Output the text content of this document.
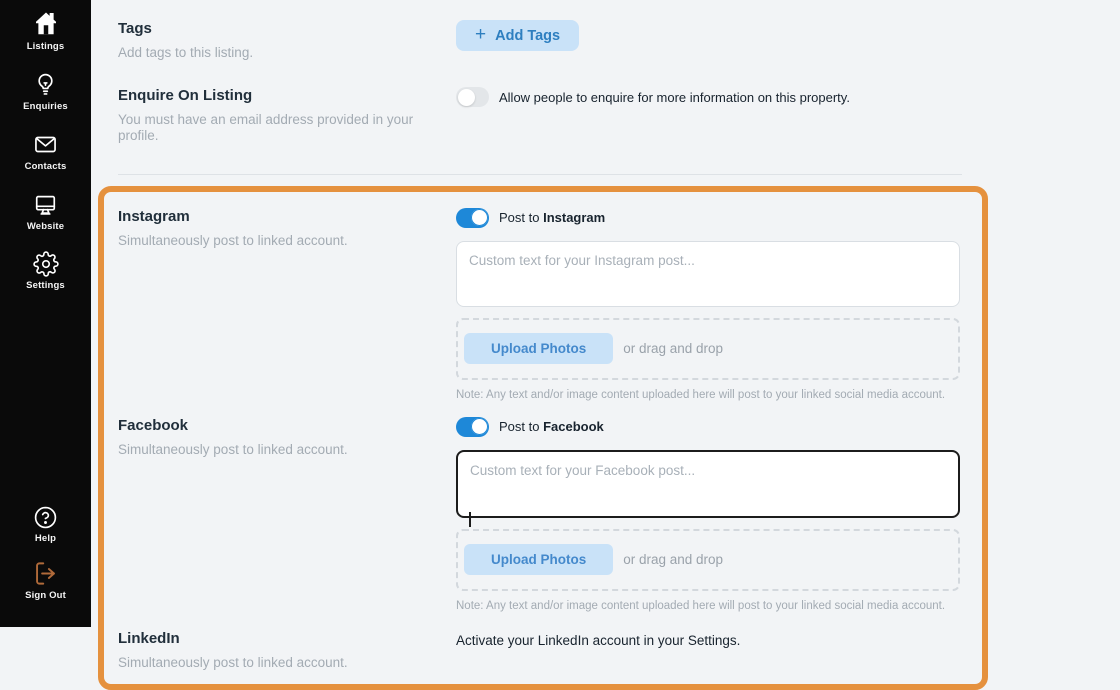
Listings
Enquiries
Contacts
Website
Settings
Help
Sign Out
Tags
Add tags to this listing.
+ Add Tags
Enquire On Listing
You must have an email address provided in your profile.
Allow people to enquire for more information on this property.
Instagram
Simultaneously post to linked account.
Post to Instagram
Custom text for your Instagram post...
Upload Photos	or drag and drop
Note: Any text and/or image content uploaded here will post to your linked social media account.
Facebook
Simultaneously post to linked account.
Post to Facebook
Custom text for your Facebook post...
Upload Photos	or drag and drop
Note: Any text and/or image content uploaded here will post to your linked social media account.
LinkedIn
Simultaneously post to linked account.
Activate your LinkedIn account in your Settings.
